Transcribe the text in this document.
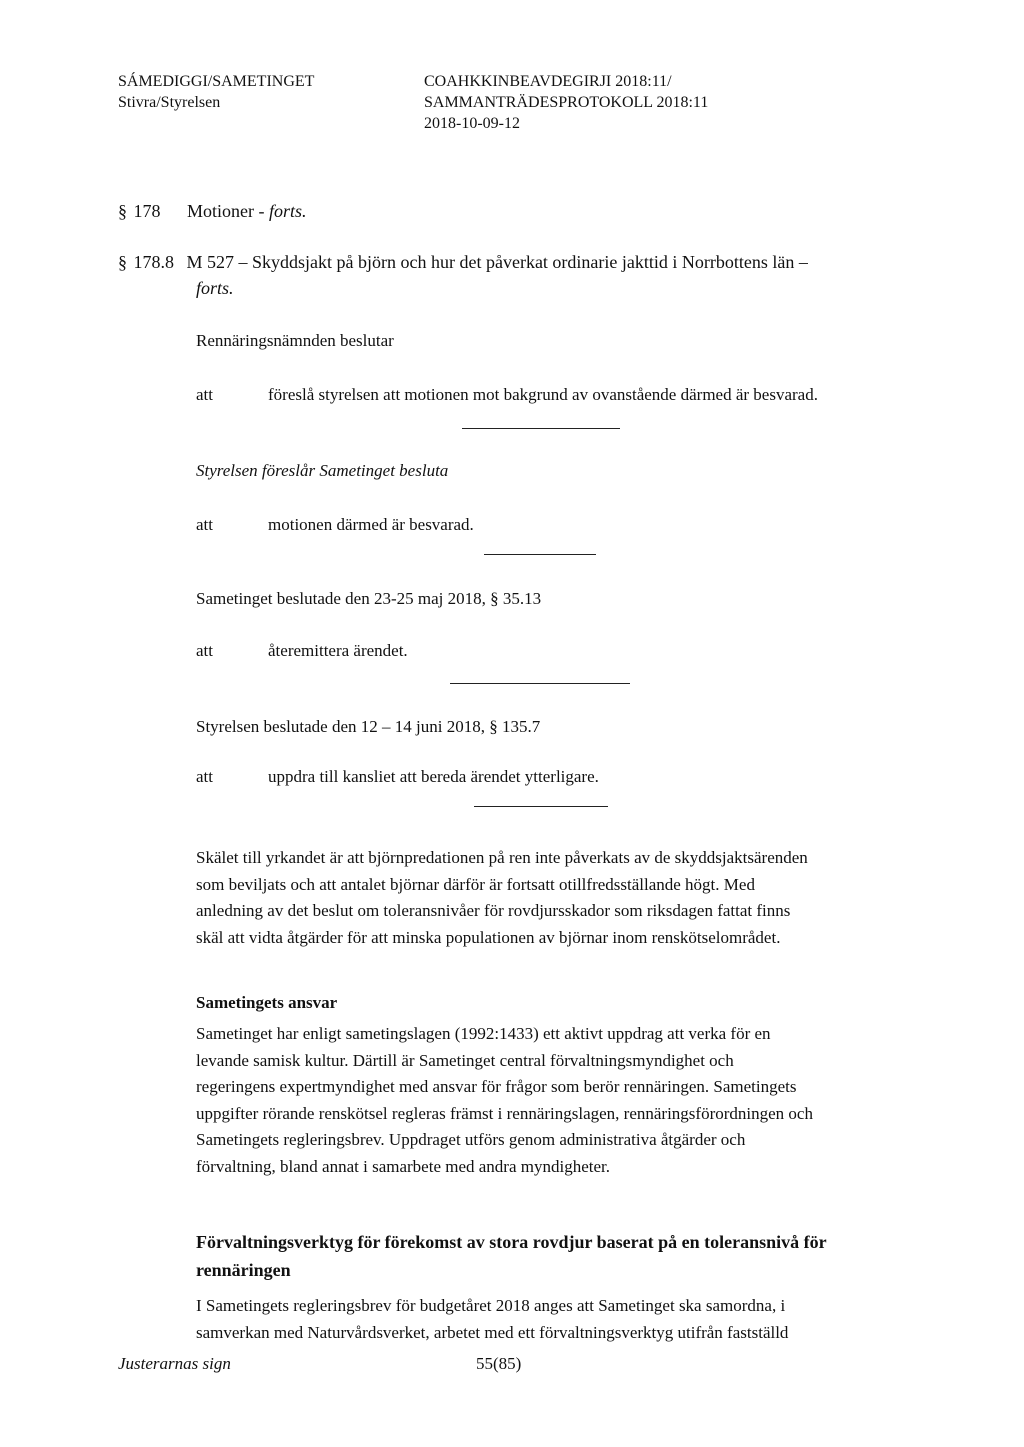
SÁMEDIGGI/SAMETINGET
Stivra/Styrelsen
COAHKKINBEAVDEGIRJI 2018:11/
SAMMANTRÄDESPROTOKOLL 2018:11
2018-10-09-12
§ 178 Motioner - forts.
§ 178.8 M 527 – Skyddsjakt på björn och hur det påverkat ordinarie jakttid i Norrbottens län –
forts.
Rennäringsnämnden beslutar
att	föreslå styrelsen att motionen mot bakgrund av ovanstående därmed är besvarad.
Styrelsen föreslår Sametinget besluta
att	motionen därmed är besvarad.
Sametinget beslutade den 23-25 maj 2018, § 35.13
att	återemittera ärendet.
Styrelsen beslutade den 12 – 14 juni 2018, § 135.7
att	uppdra till kansliet att bereda ärendet ytterligare.
Skälet till yrkandet är att björnpredationen på ren inte påverkats av de skyddsjaktsärenden
som beviljats och att antalet björnar därför är fortsatt otillfredsställande högt. Med
anledning av det beslut om toleransnivåer för rovdjursskador som riksdagen fattat finns
skäl att vidta åtgärder för att minska populationen av björnar inom renskötselområdet.
Sametingets ansvar
Sametinget har enligt sametingslagen (1992:1433) ett aktivt uppdrag att verka för en
levande samisk kultur. Därtill är Sametinget central förvaltningsmyndighet och
regeringens expertmyndighet med ansvar för frågor som berör rennäringen. Sametingets
uppgifter rörande renskötsel regleras främst i rennäringslagen, rennäringsförordningen och
Sametingets regleringsbrev. Uppdraget utförs genom administrativa åtgärder och
förvaltning, bland annat i samarbete med andra myndigheter.
Förvaltningsverktyg för förekomst av stora rovdjur baserat på en toleransnivå för
rennäringen
I Sametingets regleringsbrev för budgetåret 2018 anges att Sametinget ska samordna, i
samverkan med Naturvårdsverket, arbetet med ett förvaltningsverktyg utifrån fastställd
Justerarnas sign	55(85)
